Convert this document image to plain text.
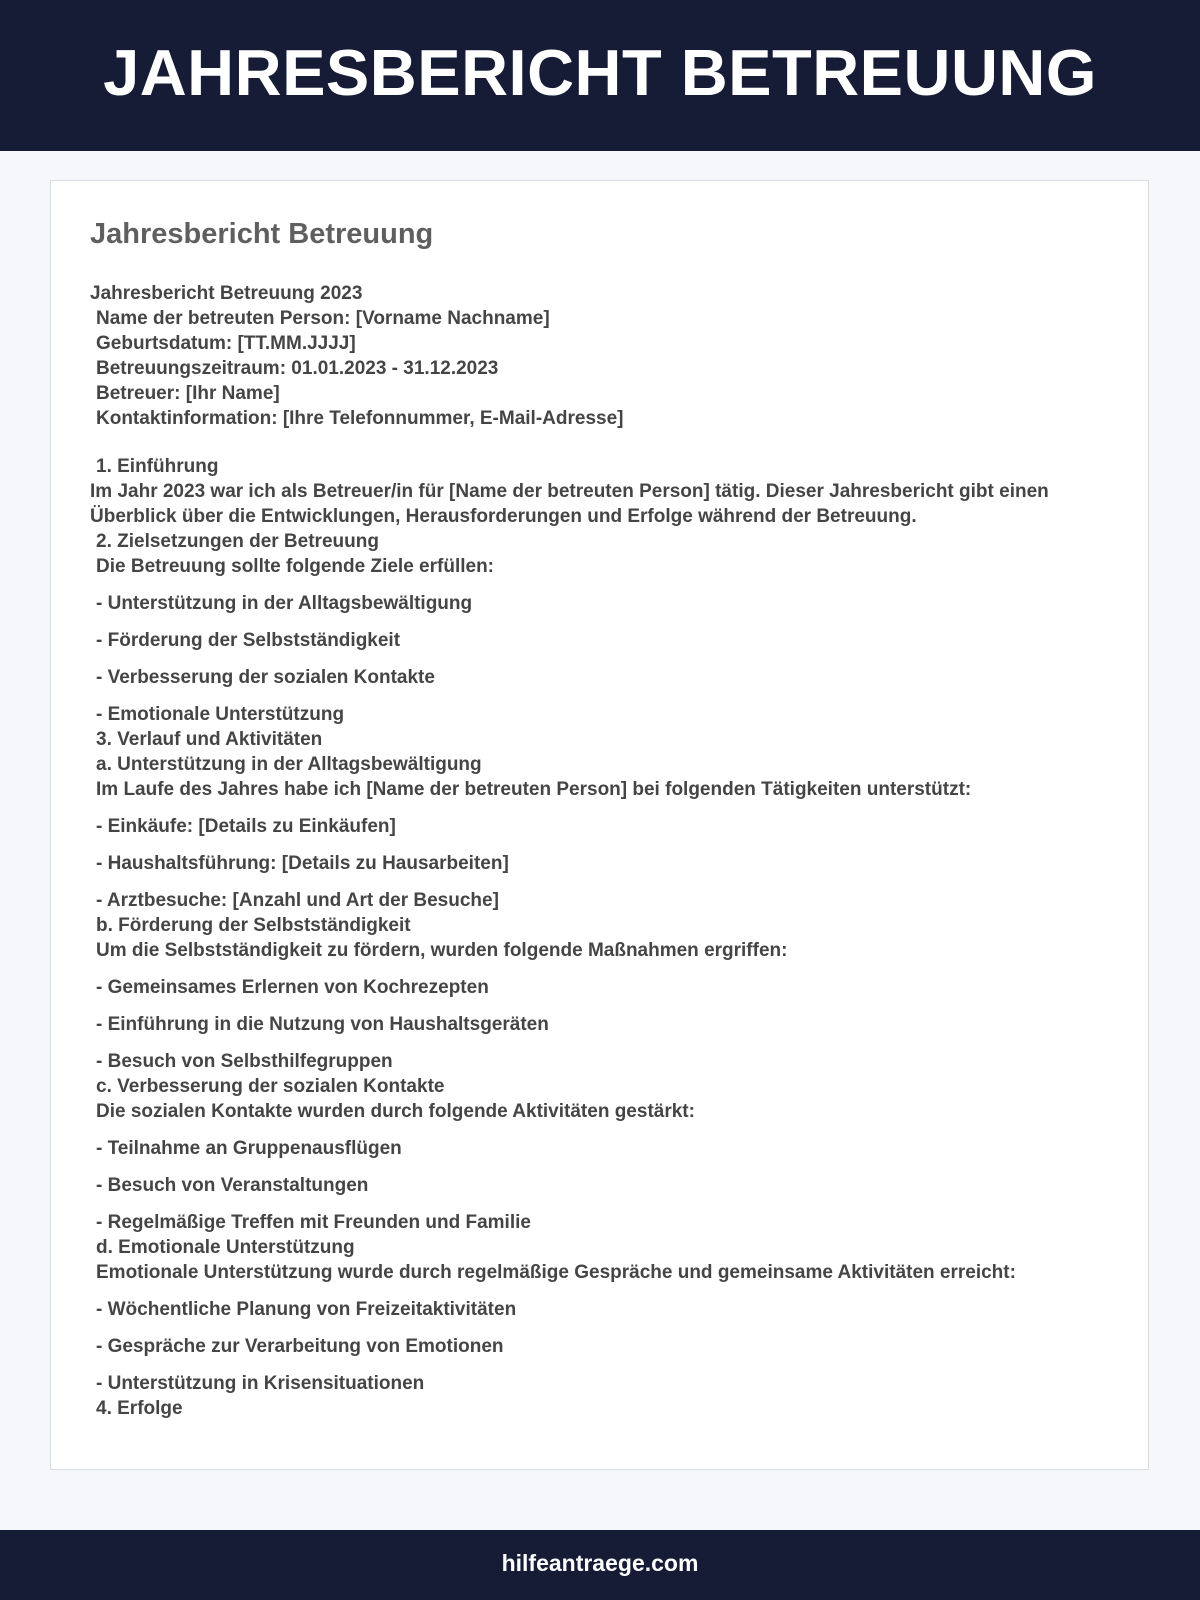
JAHRESBERICHT BETREUUNG
Jahresbericht Betreuung
Jahresbericht Betreuung 2023
Name der betreuten Person: [Vorname Nachname]
Geburtsdatum: [TT.MM.JJJJ]
Betreuungszeitraum: 01.01.2023 - 31.12.2023
Betreuer: [Ihr Name]
Kontaktinformation: [Ihre Telefonnummer, E-Mail-Adresse]
1. Einführung
Im Jahr 2023 war ich als Betreuer/in für [Name der betreuten Person] tätig. Dieser Jahresbericht gibt einen Überblick über die Entwicklungen, Herausforderungen und Erfolge während der Betreuung.
2. Zielsetzungen der Betreuung
Die Betreuung sollte folgende Ziele erfüllen:
- Unterstützung in der Alltagsbewältigung
- Förderung der Selbstständigkeit
- Verbesserung der sozialen Kontakte
- Emotionale Unterstützung
3. Verlauf und Aktivitäten
a. Unterstützung in der Alltagsbewältigung
Im Laufe des Jahres habe ich [Name der betreuten Person] bei folgenden Tätigkeiten unterstützt:
- Einkäufe: [Details zu Einkäufen]
- Haushaltsführung: [Details zu Hausarbeiten]
- Arztbesuche: [Anzahl und Art der Besuche]
b. Förderung der Selbstständigkeit
Um die Selbstständigkeit zu fördern, wurden folgende Maßnahmen ergriffen:
- Gemeinsames Erlernen von Kochrezepten
- Einführung in die Nutzung von Haushaltsgeräten
- Besuch von Selbsthilfegruppen
c. Verbesserung der sozialen Kontakte
Die sozialen Kontakte wurden durch folgende Aktivitäten gestärkt:
- Teilnahme an Gruppenausflügen
- Besuch von Veranstaltungen
- Regelmäßige Treffen mit Freunden und Familie
d. Emotionale Unterstützung
Emotionale Unterstützung wurde durch regelmäßige Gespräche und gemeinsame Aktivitäten erreicht:
- Wöchentliche Planung von Freizeitaktivitäten
- Gespräche zur Verarbeitung von Emotionen
- Unterstützung in Krisensituationen
4. Erfolge
hilfeantraege.com
